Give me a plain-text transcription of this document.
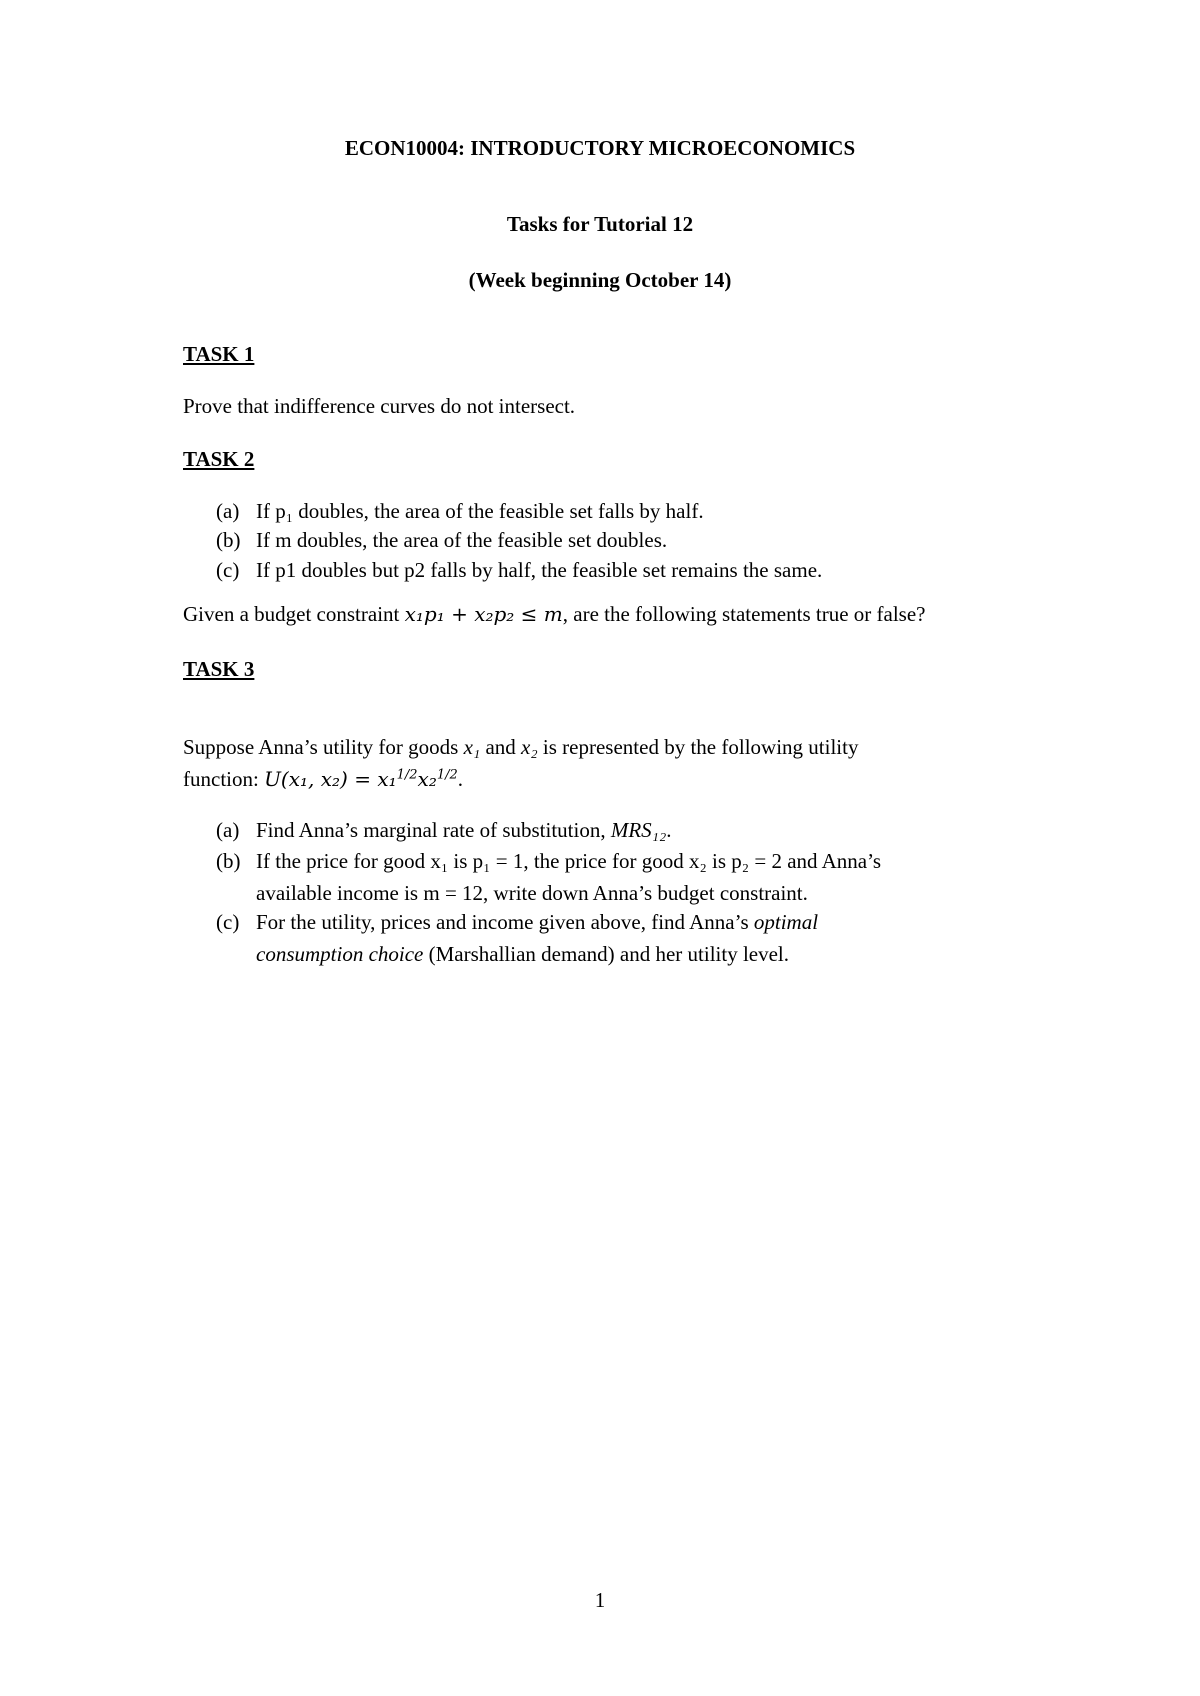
ECON10004: INTRODUCTORY MICROECONOMICS
Tasks for Tutorial 12
(Week beginning October 14)
TASK 1
Prove that indifference curves do not intersect.
TASK 2
(a) If p₁ doubles, the area of the feasible set falls by half.
(b) If m doubles, the area of the feasible set doubles.
(c) If p1 doubles but p2 falls by half, the feasible set remains the same.
Given a budget constraint x₁p₁ + x₂p₂ ≤ m, are the following statements true or false?
TASK 3
Suppose Anna’s utility for goods x₁ and x₂ is represented by the following utility
function: U(x₁, x₂) = x₁$^{1/2}$x₂$^{1/2}$.
(a) Find Anna’s marginal rate of substitution, MRS₁₂.
(b) If the price for good x₁ is p₁ = 1, the price for good x₂ is p₂ = 2 and Anna’s
available income is m = 12, write down Anna’s budget constraint.
(c) For the utility, prices and income given above, find Anna’s optimal
consumption choice (Marshallian demand) and her utility level.
1
